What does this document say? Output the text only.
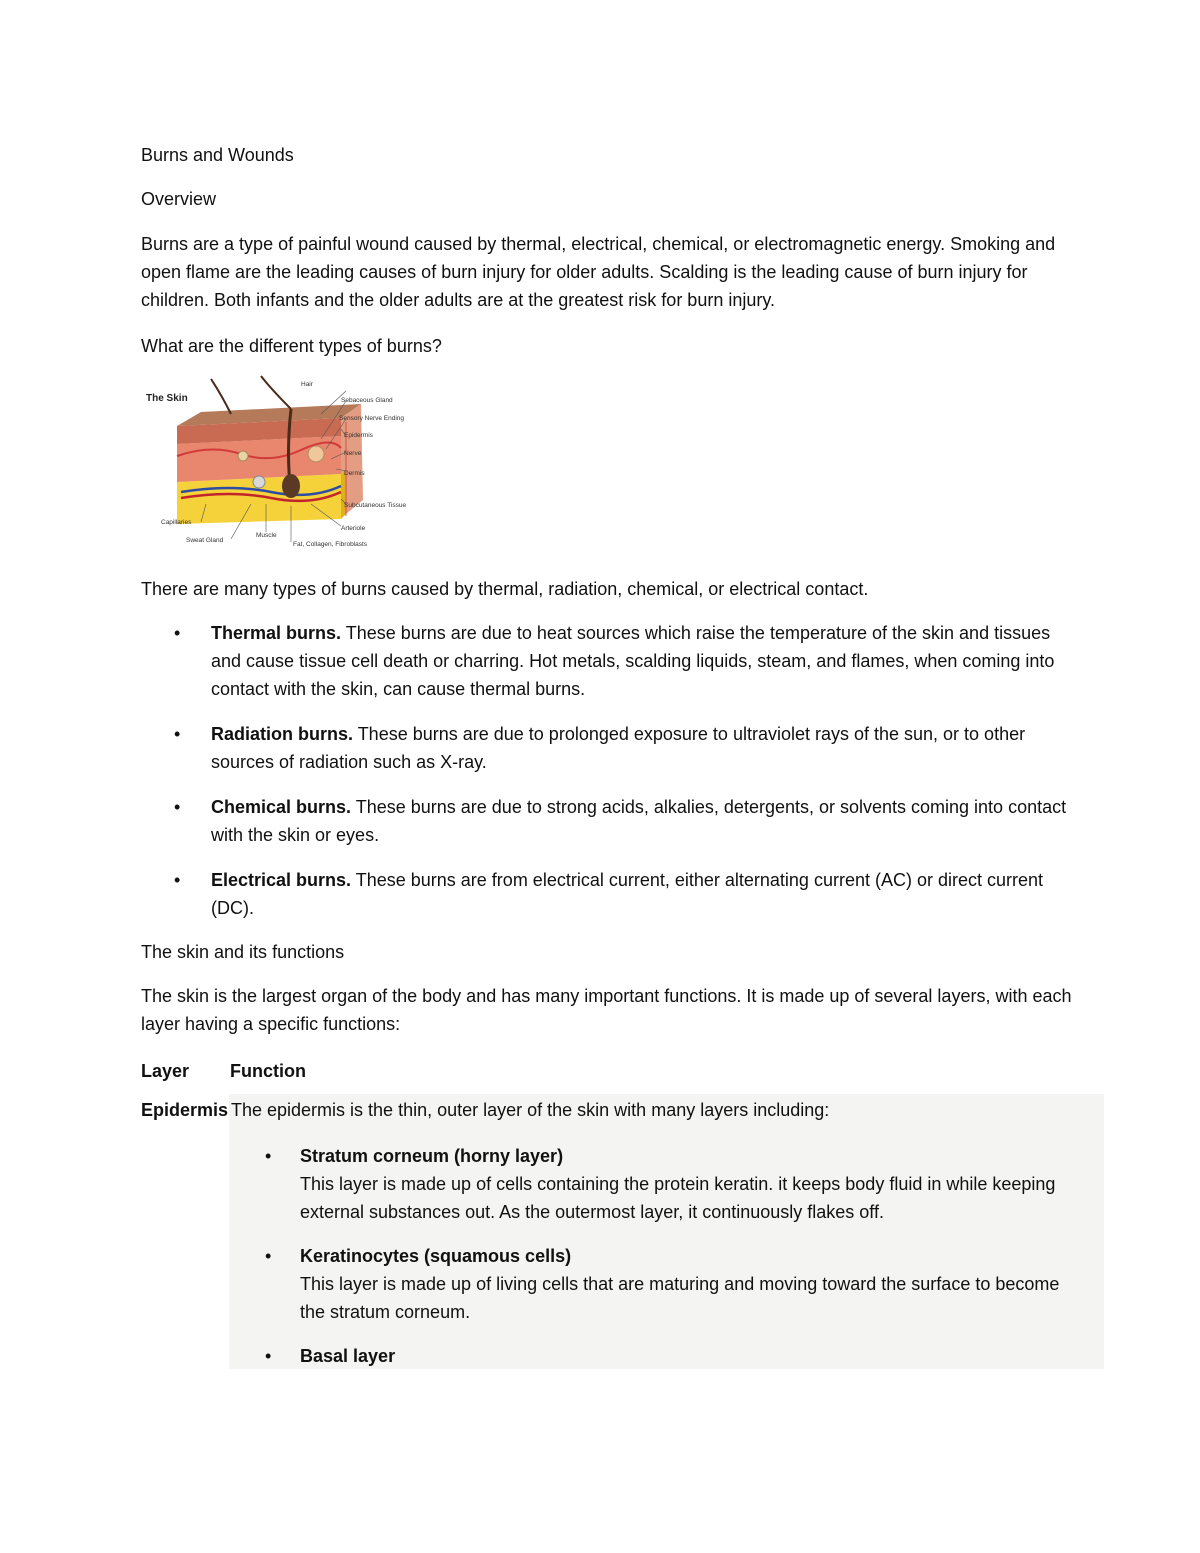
Burns and Wounds

Overview

Burns are a type of painful wound caused by thermal, electrical, chemical, or electromagnetic energy. Smoking and open flame are the leading causes of burn injury for older adults. Scalding is the leading cause of burn injury for children. Both infants and the older adults are at the greatest risk for burn injury.

What are the different types of burns?

The Skin
Hair
Sebaceous Gland
Sensory Nerve Ending
Epidermis
Nerve
Dermis
Subcutaneous Tissue
Arteriole
Capillaries
Sweat Gland
Muscle
Fat, Collagen, Fibroblasts

There are many types of burns caused by thermal, radiation, chemical, or electrical contact.

• Thermal burns. These burns are due to heat sources which raise the temperature of the skin and tissues and cause tissue cell death or charring. Hot metals, scalding liquids, steam, and flames, when coming into contact with the skin, can cause thermal burns.
• Radiation burns. These burns are due to prolonged exposure to ultraviolet rays of the sun, or to other sources of radiation such as X-ray.
• Chemical burns. These burns are due to strong acids, alkalies, detergents, or solvents coming into contact with the skin or eyes.
• Electrical burns. These burns are from electrical current, either alternating current (AC) or direct current (DC).

The skin and its functions

The skin is the largest organ of the body and has many important functions. It is made up of several layers, with each layer having a specific functions:

Layer Function
Epidermis The epidermis is the thin, outer layer of the skin with many layers including:
• Stratum corneum (horny layer)
This layer is made up of cells containing the protein keratin. it keeps body fluid in while keeping external substances out. As the outermost layer, it continuously flakes off.
• Keratinocytes (squamous cells)
This layer is made up of living cells that are maturing and moving toward the surface to become the stratum corneum.
• Basal layer
